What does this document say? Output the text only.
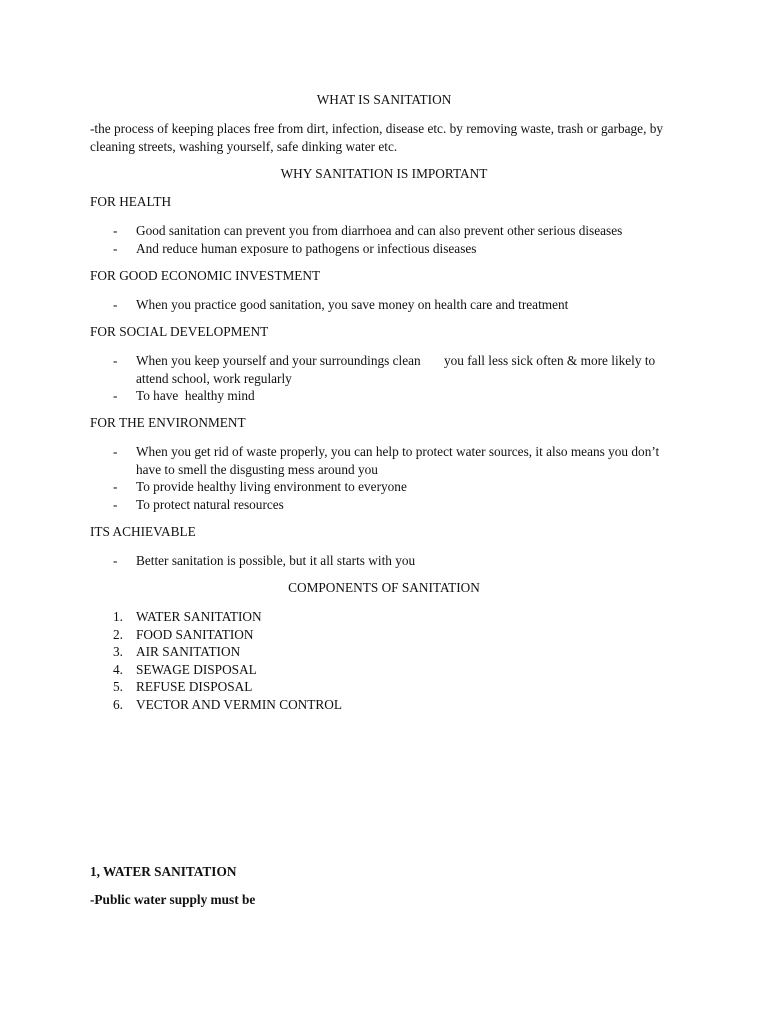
WHAT IS SANITATION
-the process of keeping places free from dirt, infection, disease etc. by removing waste, trash or garbage, by cleaning streets, washing yourself, safe dinking water etc.
WHY SANITATION IS IMPORTANT
FOR HEALTH
-	Good sanitation can prevent you from diarrhoea and can also prevent other serious diseases
-	And reduce human exposure to pathogens or infectious diseases
FOR GOOD ECONOMIC INVESTMENT
-	When you practice good sanitation, you save money on health care and treatment
FOR SOCIAL DEVELOPMENT
-	When you keep yourself and your surroundings clean       you fall less sick often & more likely to attend school, work regularly
-	To have  healthy mind
FOR THE ENVIRONMENT
-	When you get rid of waste properly, you can help to protect water sources, it also means you don’t have to smell the disgusting mess around you
-	To provide healthy living environment to everyone
-	To protect natural resources
ITS ACHIEVABLE
-	Better sanitation is possible, but it all starts with you
COMPONENTS OF SANITATION
1. WATER SANITATION
2. FOOD SANITATION
3. AIR SANITATION
4. SEWAGE DISPOSAL
5. REFUSE DISPOSAL
6. VECTOR AND VERMIN CONTROL
1, WATER SANITATION
-Public water supply must be
